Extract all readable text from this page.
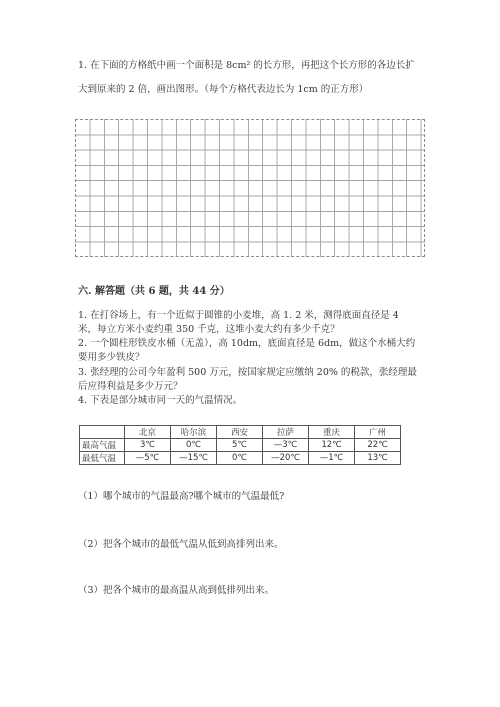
1. 在下面的方格纸中画一个面积是 8cm² 的长方形，再把这个长方形的各边长扩
大到原来的 2 倍，画出图形。（每个方格代表边长为 1cm 的正方形）
六. 解答题（共 6 题，共 44 分）
1. 在打谷场上，有一个近似于圆锥的小麦堆，高 1. 2 米，测得底面直径是 4
米，每立方米小麦约重 350 千克，这堆小麦大约有多少千克？
2. 一个圆柱形铁皮水桶（无盖），高 10dm，底面直径是 6dm，做这个水桶大约
要用多少铁皮？
3. 张经理的公司今年盈利 500 万元，按国家规定应缴纳 20% 的税款，张经理最
后应得利益是多少万元？
4. 下表是部分城市同一天的气温情况。
	北京	哈尔滨	西安	拉萨	重庆	广州
最高气温	3℃	0℃	5℃	—3℃	12℃	22℃
最低气温	—5℃	—15℃	0℃	—20℃	—1℃	13℃
（1）哪个城市的气温最高?哪个城市的气温最低?
（2）把各个城市的最低气温从低到高排列出来。
（3）把各个城市的最高温从高到低排列出来。
